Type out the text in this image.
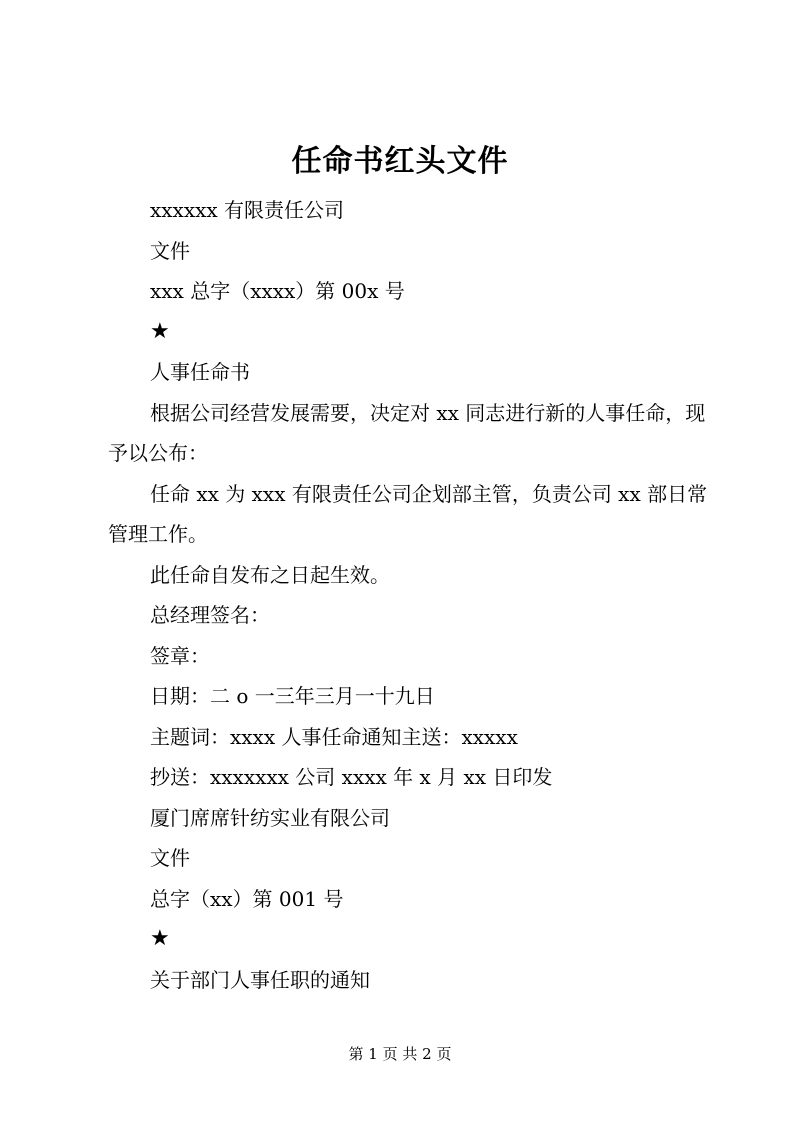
任命书红头文件

xxxxxx 有限责任公司

文件

xxx 总字（xxxx）第 00x 号

★

人事任命书

根据公司经营发展需要，决定对 xx 同志进行新的人事任命，现予以公布：

任命 xx 为 xxx 有限责任公司企划部主管，负责公司 xx 部日常管理工作。

此任命自发布之日起生效。

总经理签名：

签章：

日期：二 o 一三年三月一十九日

主题词：xxxx 人事任命通知主送：xxxxx

抄送：xxxxxxx 公司 xxxx 年 x 月 xx 日印发

厦门席席针纺实业有限公司

文件

总字（xx）第 001 号

★

关于部门人事任职的通知

第 1 页 共 2 页
